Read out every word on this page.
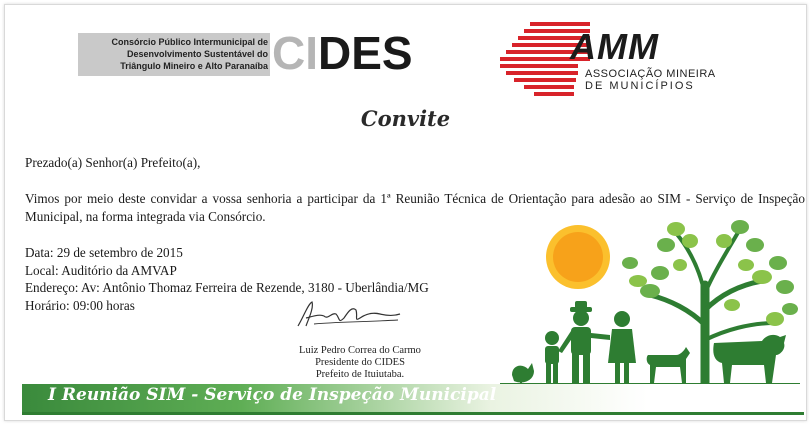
Consórcio Público Intermunicipal de
Desenvolvimento Sustentável do
Triângulo Mineiro e Alto Paranaíba CIDES	AMM
ASSOCIAÇÃO MINEIRA
DE MUNICÍPIOS
Convite
Prezado(a) Senhor(a) Prefeito(a),
Vimos por meio deste convidar a vossa senhoria a participar da 1ª Reunião Técnica de Orientação para adesão ao SIM - Serviço de Inspeção Municipal, na forma integrada via Consórcio.
Data: 29 de setembro de 2015
Local: Auditório da AMVAP
Endereço: Av: Antônio Thomaz Ferreira de Rezende, 3180 - Uberlândia/MG
Horário: 09:00 horas
Luiz Pedro Correa do Carmo
Presidente do CIDES
Prefeito de Ituiutaba.
I Reunião SIM - Serviço de Inspeção Municipal
